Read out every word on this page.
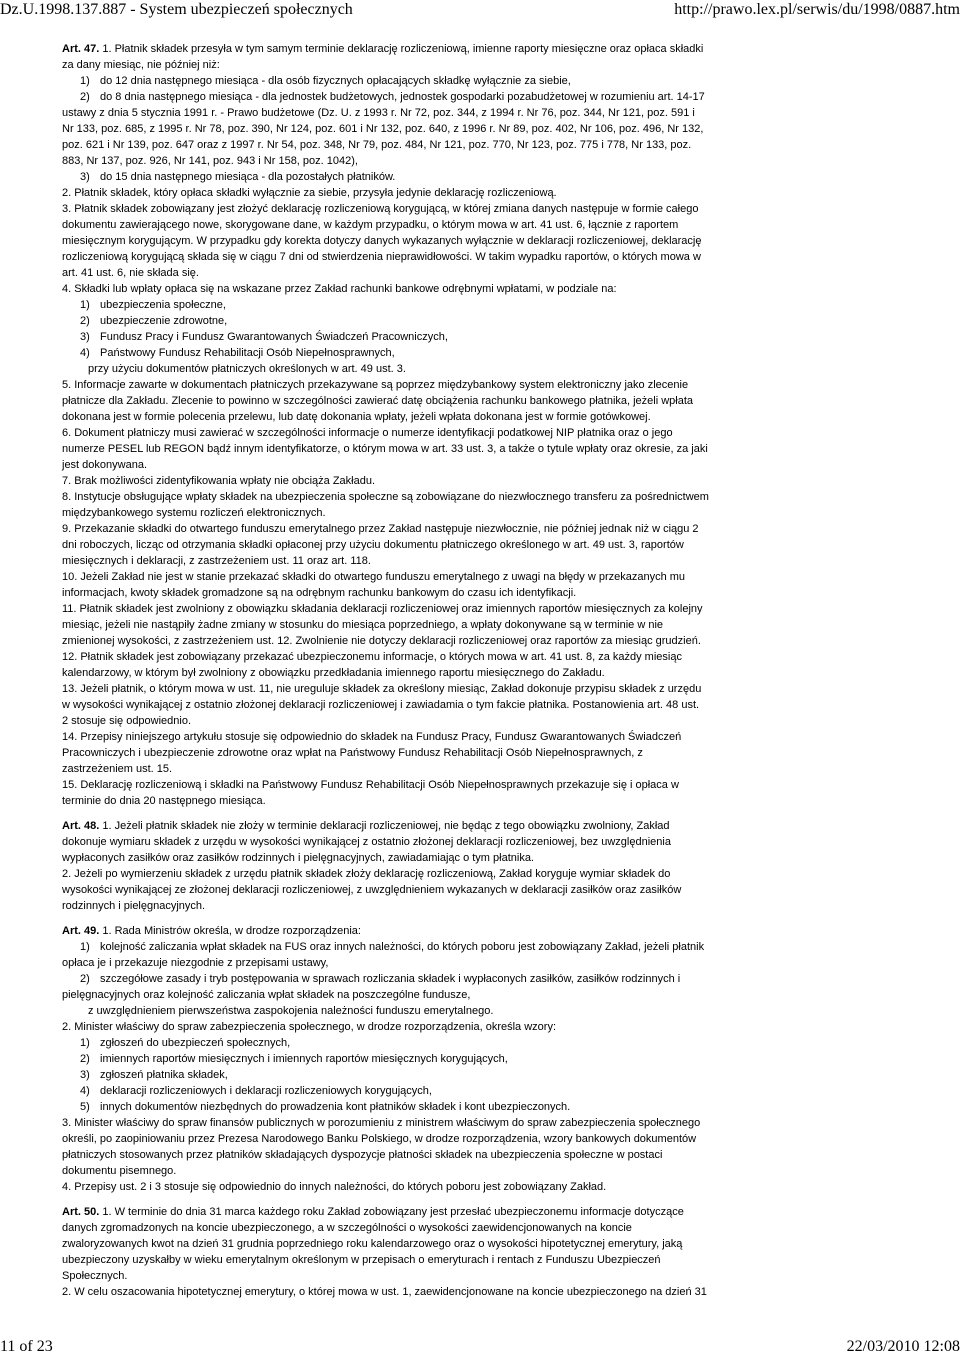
Dz.U.1998.137.887 - System ubezpieczeń społecznych	http://prawo.lex.pl/serwis/du/1998/0887.htm
Art. 47. 1. Płatnik składek przesyła w tym samym terminie deklarację rozliczeniową, imienne raporty miesięczne oraz opłaca składki
za dany miesiąc, nie później niż:
1) do 12 dnia następnego miesiąca - dla osób fizycznych opłacających składkę wyłącznie za siebie,
2) do 8 dnia następnego miesiąca - dla jednostek budżetowych, jednostek gospodarki pozabudżetowej w rozumieniu art. 14-17
ustawy z dnia 5 stycznia 1991 r. - Prawo budżetowe (Dz. U. z 1993 r. Nr 72, poz. 344, z 1994 r. Nr 76, poz. 344, Nr 121, poz. 591 i
Nr 133, poz. 685, z 1995 r. Nr 78, poz. 390, Nr 124, poz. 601 i Nr 132, poz. 640, z 1996 r. Nr 89, poz. 402, Nr 106, poz. 496, Nr 132,
poz. 621 i Nr 139, poz. 647 oraz z 1997 r. Nr 54, poz. 348, Nr 79, poz. 484, Nr 121, poz. 770, Nr 123, poz. 775 i 778, Nr 133, poz.
883, Nr 137, poz. 926, Nr 141, poz. 943 i Nr 158, poz. 1042),
3) do 15 dnia następnego miesiąca - dla pozostałych płatników.
2. Płatnik składek, który opłaca składki wyłącznie za siebie, przysyła jedynie deklarację rozliczeniową.
3. Płatnik składek zobowiązany jest złożyć deklarację rozliczeniową korygującą, w której zmiana danych następuje w formie całego
dokumentu zawierającego nowe, skorygowane dane, w każdym przypadku, o którym mowa w art. 41 ust. 6, łącznie z raportem
miesięcznym korygującym. W przypadku gdy korekta dotyczy danych wykazanych wyłącznie w deklaracji rozliczeniowej, deklarację
rozliczeniową korygującą składa się w ciągu 7 dni od stwierdzenia nieprawidłowości. W takim wypadku raportów, o których mowa w
art. 41 ust. 6, nie składa się.
4. Składki lub wpłaty opłaca się na wskazane przez Zakład rachunki bankowe odrębnymi wpłatami, w podziale na:
1) ubezpieczenia społeczne,
2) ubezpieczenie zdrowotne,
3) Fundusz Pracy i Fundusz Gwarantowanych Świadczeń Pracowniczych,
4) Państwowy Fundusz Rehabilitacji Osób Niepełnosprawnych,
przy użyciu dokumentów płatniczych określonych w art. 49 ust. 3.
5. Informacje zawarte w dokumentach płatniczych przekazywane są poprzez międzybankowy system elektroniczny jako zlecenie
płatnicze dla Zakładu. Zlecenie to powinno w szczególności zawierać datę obciążenia rachunku bankowego płatnika, jeżeli wpłata
dokonana jest w formie polecenia przelewu, lub datę dokonania wpłaty, jeżeli wpłata dokonana jest w formie gotówkowej.
6. Dokument płatniczy musi zawierać w szczególności informacje o numerze identyfikacji podatkowej NIP płatnika oraz o jego
numerze PESEL lub REGON bądź innym identyfikatorze, o którym mowa w art. 33 ust. 3, a także o tytule wpłaty oraz okresie, za jaki
jest dokonywana.
7. Brak możliwości zidentyfikowania wpłaty nie obciąża Zakładu.
8. Instytucje obsługujące wpłaty składek na ubezpieczenia społeczne są zobowiązane do niezwłocznego transferu za pośrednictwem
międzybankowego systemu rozliczeń elektronicznych.
9. Przekazanie składki do otwartego funduszu emerytalnego przez Zakład następuje niezwłocznie, nie później jednak niż w ciągu 2
dni roboczych, licząc od otrzymania składki opłaconej przy użyciu dokumentu płatniczego określonego w art. 49 ust. 3, raportów
miesięcznych i deklaracji, z zastrzeżeniem ust. 11 oraz art. 118.
10. Jeżeli Zakład nie jest w stanie przekazać składki do otwartego funduszu emerytalnego z uwagi na błędy w przekazanych mu
informacjach, kwoty składek gromadzone są na odrębnym rachunku bankowym do czasu ich identyfikacji.
11. Płatnik składek jest zwolniony z obowiązku składania deklaracji rozliczeniowej oraz imiennych raportów miesięcznych za kolejny
miesiąc, jeżeli nie nastąpiły żadne zmiany w stosunku do miesiąca poprzedniego, a wpłaty dokonywane są w terminie w nie
zmienionej wysokości, z zastrzeżeniem ust. 12. Zwolnienie nie dotyczy deklaracji rozliczeniowej oraz raportów za miesiąc grudzień.
12. Płatnik składek jest zobowiązany przekazać ubezpieczonemu informacje, o których mowa w art. 41 ust. 8, za każdy miesiąc
kalendarzowy, w którym był zwolniony z obowiązku przedkładania imiennego raportu miesięcznego do Zakładu.
13. Jeżeli płatnik, o którym mowa w ust. 11, nie ureguluje składek za określony miesiąc, Zakład dokonuje przypisu składek z urzędu
w wysokości wynikającej z ostatnio złożonej deklaracji rozliczeniowej i zawiadamia o tym fakcie płatnika. Postanowienia art. 48 ust.
2 stosuje się odpowiednio.
14. Przepisy niniejszego artykułu stosuje się odpowiednio do składek na Fundusz Pracy, Fundusz Gwarantowanych Świadczeń
Pracowniczych i ubezpieczenie zdrowotne oraz wpłat na Państwowy Fundusz Rehabilitacji Osób Niepełnosprawnych, z
zastrzeżeniem ust. 15.
15. Deklarację rozliczeniową i składki na Państwowy Fundusz Rehabilitacji Osób Niepełnosprawnych przekazuje się i opłaca w
terminie do dnia 20 następnego miesiąca.
Art. 48. 1. Jeżeli płatnik składek nie złoży w terminie deklaracji rozliczeniowej, nie będąc z tego obowiązku zwolniony, Zakład
dokonuje wymiaru składek z urzędu w wysokości wynikającej z ostatnio złożonej deklaracji rozliczeniowej, bez uwzględnienia
wypłaconych zasiłków oraz zasiłków rodzinnych i pielęgnacyjnych, zawiadamiając o tym płatnika.
2. Jeżeli po wymierzeniu składek z urzędu płatnik składek złoży deklarację rozliczeniową, Zakład koryguje wymiar składek do
wysokości wynikającej ze złożonej deklaracji rozliczeniowej, z uwzględnieniem wykazanych w deklaracji zasiłków oraz zasiłków
rodzinnych i pielęgnacyjnych.
Art. 49. 1. Rada Ministrów określa, w drodze rozporządzenia:
1) kolejność zaliczania wpłat składek na FUS oraz innych należności, do których poboru jest zobowiązany Zakład, jeżeli płatnik
opłaca je i przekazuje niezgodnie z przepisami ustawy,
2) szczegółowe zasady i tryb postępowania w sprawach rozliczania składek i wypłaconych zasiłków, zasiłków rodzinnych i
pielęgnacyjnych oraz kolejność zaliczania wpłat składek na poszczególne fundusze,
z uwzględnieniem pierwszeństwa zaspokojenia należności funduszu emerytalnego.
2. Minister właściwy do spraw zabezpieczenia społecznego, w drodze rozporządzenia, określa wzory:
1) zgłoszeń do ubezpieczeń społecznych,
2) imiennych raportów miesięcznych i imiennych raportów miesięcznych korygujących,
3) zgłoszeń płatnika składek,
4) deklaracji rozliczeniowych i deklaracji rozliczeniowych korygujących,
5) innych dokumentów niezbędnych do prowadzenia kont płatników składek i kont ubezpieczonych.
3. Minister właściwy do spraw finansów publicznych w porozumieniu z ministrem właściwym do spraw zabezpieczenia społecznego
określi, po zaopiniowaniu przez Prezesa Narodowego Banku Polskiego, w drodze rozporządzenia, wzory bankowych dokumentów
płatniczych stosowanych przez płatników składających dyspozycje płatności składek na ubezpieczenia społeczne w postaci
dokumentu pisemnego.
4. Przepisy ust. 2 i 3 stosuje się odpowiednio do innych należności, do których poboru jest zobowiązany Zakład.
Art. 50. 1. W terminie do dnia 31 marca każdego roku Zakład zobowiązany jest przesłać ubezpieczonemu informacje dotyczące
danych zgromadzonych na koncie ubezpieczonego, a w szczególności o wysokości zaewidencjonowanych na koncie
zwaloryzowanych kwot na dzień 31 grudnia poprzedniego roku kalendarzowego oraz o wysokości hipotetycznej emerytury, jaką
ubezpieczony uzyskałby w wieku emerytalnym określonym w przepisach o emeryturach i rentach z Funduszu Ubezpieczeń
Społecznych.
2. W celu oszacowania hipotetycznej emerytury, o której mowa w ust. 1, zaewidencjonowane na koncie ubezpieczonego na dzień 31
11 of 23	22/03/2010 12:08
